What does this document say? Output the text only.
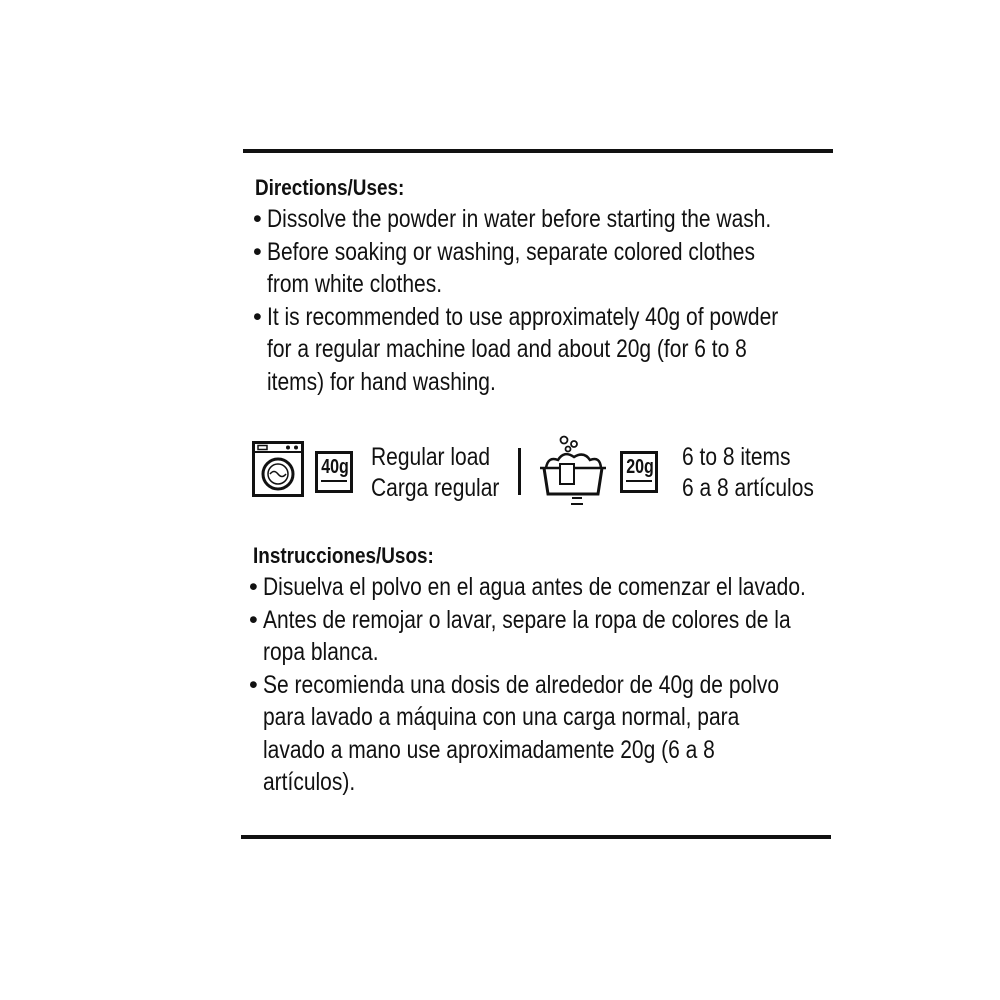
Directions/Uses:
• Dissolve the powder in water before starting the wash.
• Before soaking or washing, separate colored clothes
from white clothes.
• It is recommended to use approximately 40g of powder
for a regular machine load and about 20g (for 6 to 8
items) for hand washing.
40g Regular load
Carga regular
20g 6 to 8 items
6 a 8 artículos
Instrucciones/Usos:
• Disuelva el polvo en el agua antes de comenzar el lavado.
• Antes de remojar o lavar, separe la ropa de colores de la
ropa blanca.
• Se recomienda una dosis de alrededor de 40g de polvo
para lavado a máquina con una carga normal, para
lavado a mano use aproximadamente 20g (6 a 8
artículos).
